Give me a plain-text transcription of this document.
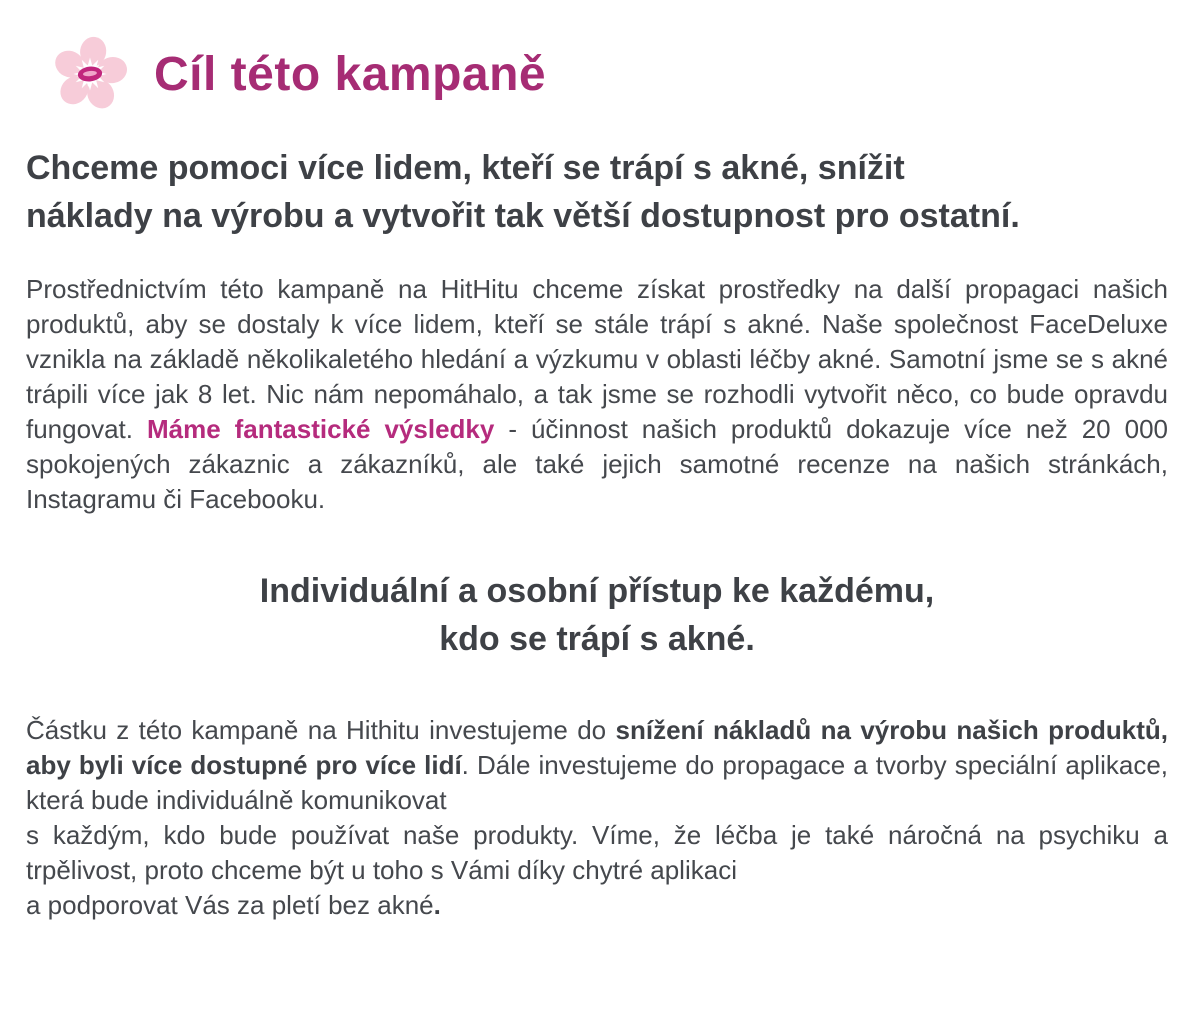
Cíl této kampaně
Chceme pomoci více lidem, kteří se trápí s akné, snížit
náklady na výrobu a vytvořit tak větší dostupnost pro ostatní.

Prostřednictvím této kampaně na HitHitu chceme získat prostředky na další propagaci našich produktů, aby se dostaly k více lidem, kteří se stále trápí s akné. Naše společnost FaceDeluxe vznikla na základě několikaletého hledání a výzkumu v oblasti léčby akné. Samotní jsme se s akné trápili více jak 8 let. Nic nám nepomáhalo, a tak jsme se rozhodli vytvořit něco, co bude opravdu fungovat. Máme fantastické výsledky - účinnost našich produktů dokazuje více než 20 000 spokojených zákaznic a zákazníků, ale také jejich samotné recenze na našich stránkách, Instagramu či Facebooku.

Individuální a osobní přístup ke každému,
kdo se trápí s akné.

Částku z této kampaně na Hithitu investujeme do snížení nákladů na výrobu našich produktů, aby byli více dostupné pro více lidí. Dále investujeme do propagace a tvorby speciální aplikace, která bude individuálně komunikovat
s každým, kdo bude používat naše produkty. Víme, že léčba je také náročná na psychiku a trpělivost, proto chceme být u toho s Vámi díky chytré aplikaci
a podporovat Vás za pletí bez akné.
